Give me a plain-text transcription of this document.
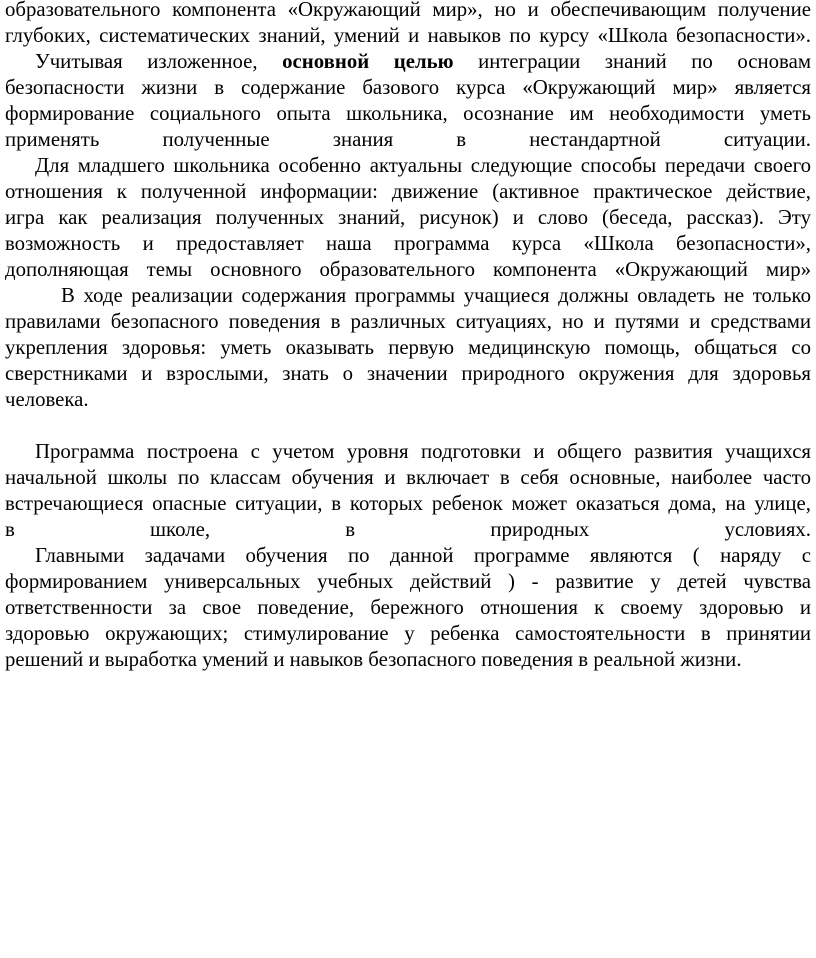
образовательного компонента «Окружающий мир», но и обеспечивающим получение
глубоких, систематических знаний, умений и навыков по курсу «Школа безопасности».
Учитывая изложенное, основной целью интеграции знаний по основам
безопасности жизни в содержание базового курса «Окружающий мир» является
формирование социального опыта школьника, осознание им необходимости уметь
применять полученные знания в нестандартной ситуации.
Для младшего школьника особенно актуальны следующие способы передачи своего
отношения к полученной информации: движение (активное практическое действие,
игра как реализация полученных знаний, рисунок) и слово (беседа, рассказ). Эту
возможность и предоставляет наша программа курса «Школа безопасности»,
дополняющая темы основного образовательного компонента «Окружающий мир»
В ходе реализации содержания программы учащиеся должны овладеть не только
правилами безопасного поведения в различных ситуациях, но и путями и средствами
укрепления здоровья: уметь оказывать первую медицинскую помощь, общаться со
сверстниками и взрослыми, знать о значении природного окружения для здоровья
человека.
Программа построена с учетом уровня подготовки и общего развития учащихся
начальной школы по классам обучения и включает в себя основные, наиболее часто
встречающиеся опасные ситуации, в которых ребенок может оказаться дома, на улице,
в школе, в природных условиях.
Главными задачами обучения по данной программе являются ( наряду с
формированием универсальных учебных действий ) - развитие у детей чувства
ответственности за свое поведение, бережного отношения к своему здоровью и
здоровью окружающих; стимулирование у ребенка самостоятельности в принятии
решений и выработка умений и навыков безопасного поведения в реальной жизни.
